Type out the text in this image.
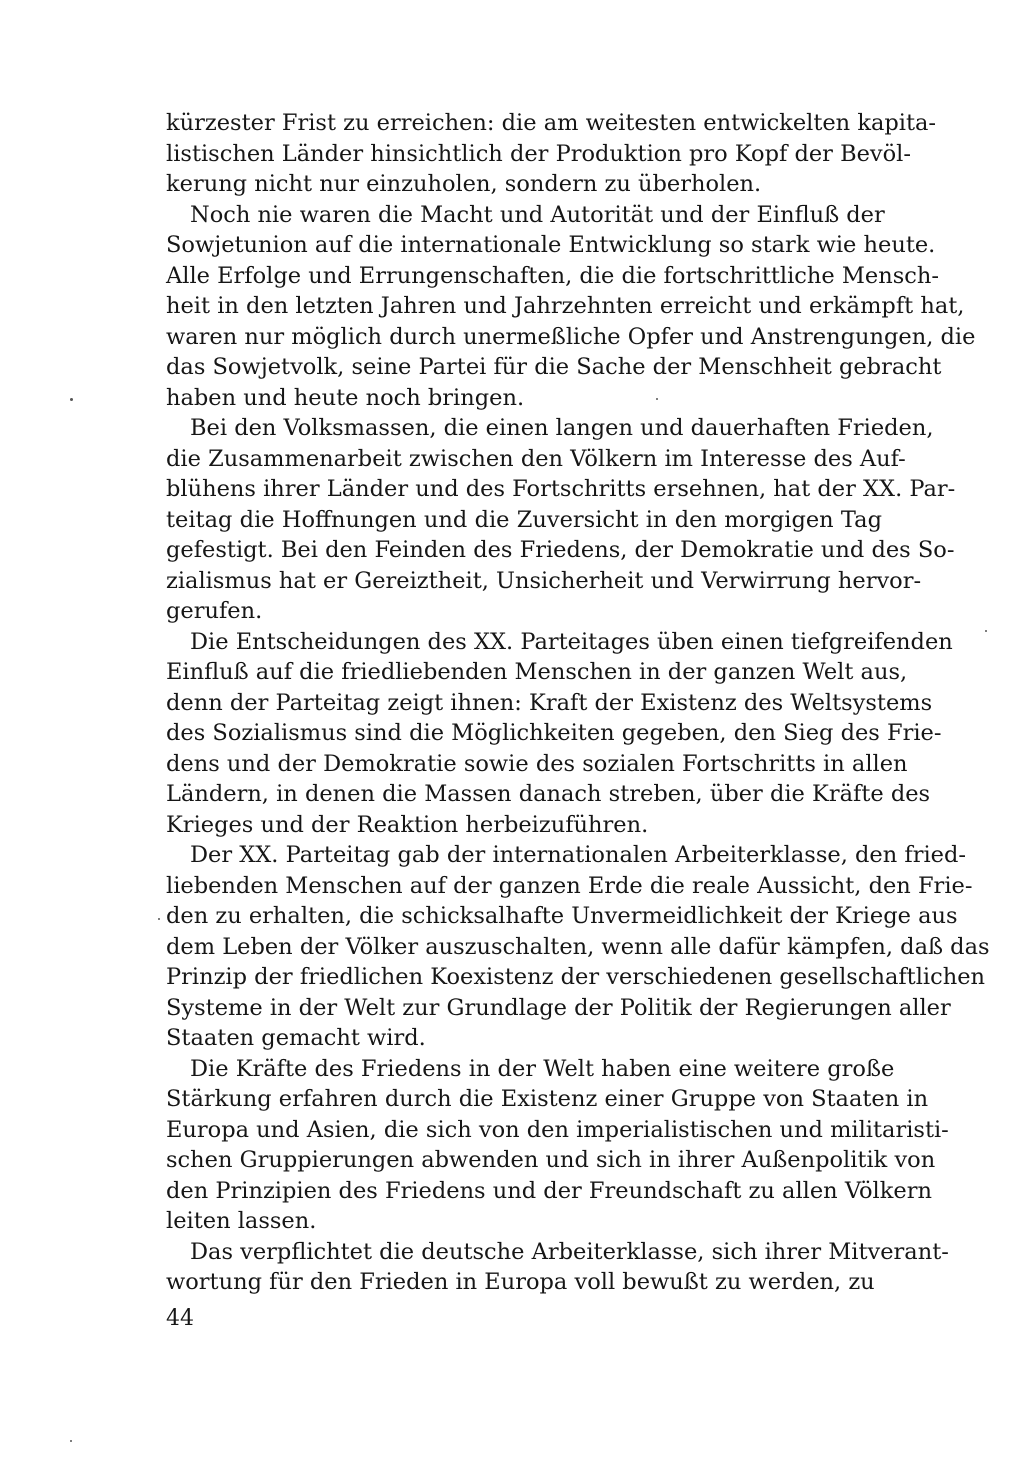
kürzester Frist zu erreichen: die am weitesten entwickelten kapita-
listischen Länder hinsichtlich der Produktion pro Kopf der Bevöl-
kerung nicht nur einzuholen, sondern zu überholen.
Noch nie waren die Macht und Autorität und der Einfluß der
Sowjetunion auf die internationale Entwicklung so stark wie heute.
Alle Erfolge und Errungenschaften, die die fortschrittliche Mensch-
heit in den letzten Jahren und Jahrzehnten erreicht und erkämpft hat,
waren nur möglich durch unermeßliche Opfer und Anstrengungen, die
das Sowjetvolk, seine Partei für die Sache der Menschheit gebracht
haben und heute noch bringen.
Bei den Volksmassen, die einen langen und dauerhaften Frieden,
die Zusammenarbeit zwischen den Völkern im Interesse des Auf-
blühens ihrer Länder und des Fortschritts ersehnen, hat der XX. Par-
teitag die Hoffnungen und die Zuversicht in den morgigen Tag
gefestigt. Bei den Feinden des Friedens, der Demokratie und des So-
zialismus hat er Gereiztheit, Unsicherheit und Verwirrung hervor-
gerufen.
Die Entscheidungen des XX. Parteitages üben einen tiefgreifenden
Einfluß auf die friedliebenden Menschen in der ganzen Welt aus,
denn der Parteitag zeigt ihnen: Kraft der Existenz des Weltsystems
des Sozialismus sind die Möglichkeiten gegeben, den Sieg des Frie-
dens und der Demokratie sowie des sozialen Fortschritts in allen
Ländern, in denen die Massen danach streben, über die Kräfte des
Krieges und der Reaktion herbeizuführen.
Der XX. Parteitag gab der internationalen Arbeiterklasse, den fried-
liebenden Menschen auf der ganzen Erde die reale Aussicht, den Frie-
den zu erhalten, die schicksalhafte Unvermeidlichkeit der Kriege aus
dem Leben der Völker auszuschalten, wenn alle dafür kämpfen, daß das
Prinzip der friedlichen Koexistenz der verschiedenen gesellschaftlichen
Systeme in der Welt zur Grundlage der Politik der Regierungen aller
Staaten gemacht wird.
Die Kräfte des Friedens in der Welt haben eine weitere große
Stärkung erfahren durch die Existenz einer Gruppe von Staaten in
Europa und Asien, die sich von den imperialistischen und militaristi-
schen Gruppierungen abwenden und sich in ihrer Außenpolitik von
den Prinzipien des Friedens und der Freundschaft zu allen Völkern
leiten lassen.
Das verpflichtet die deutsche Arbeiterklasse, sich ihrer Mitverant-
wortung für den Frieden in Europa voll bewußt zu werden, zu
44
